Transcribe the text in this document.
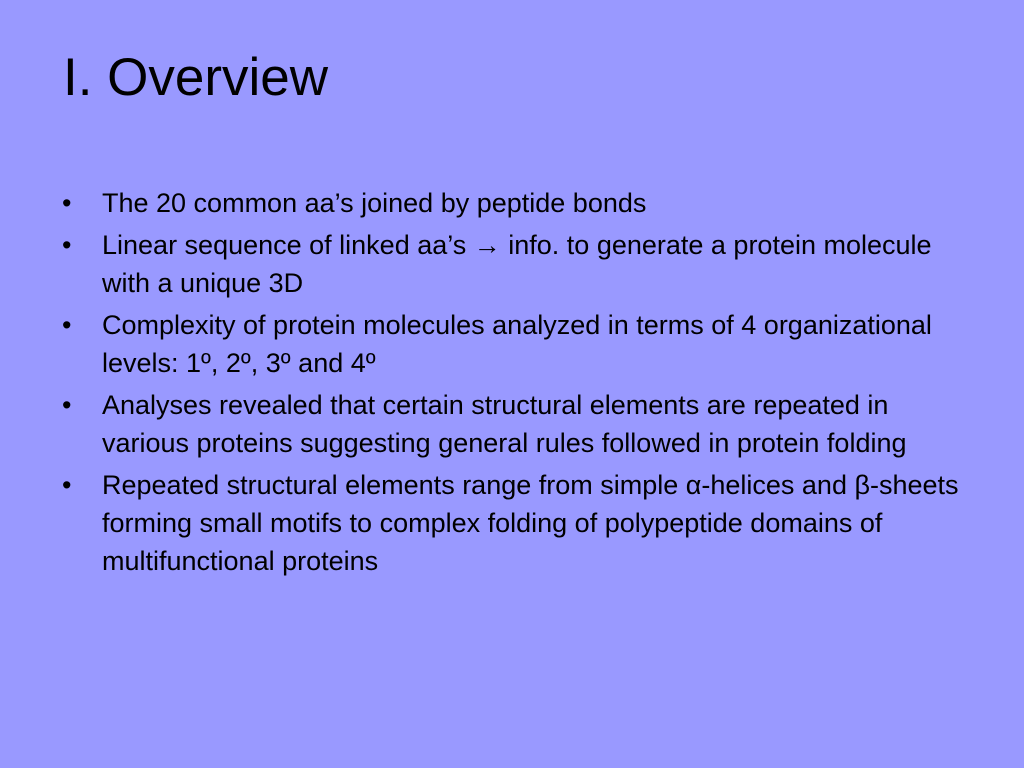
I. Overview
•	The 20 common aa’s joined by peptide bonds
•	Linear sequence of linked aa’s → info. to generate a protein molecule with a unique 3D
•	Complexity of protein molecules analyzed in terms of 4 organizational levels: 1º, 2º, 3º and 4º
•	Analyses revealed that certain structural elements are repeated in various proteins suggesting general rules followed in protein folding
•	Repeated structural elements range from simple α-helices and β-sheets forming small motifs to complex folding of polypeptide domains of multifunctional proteins
